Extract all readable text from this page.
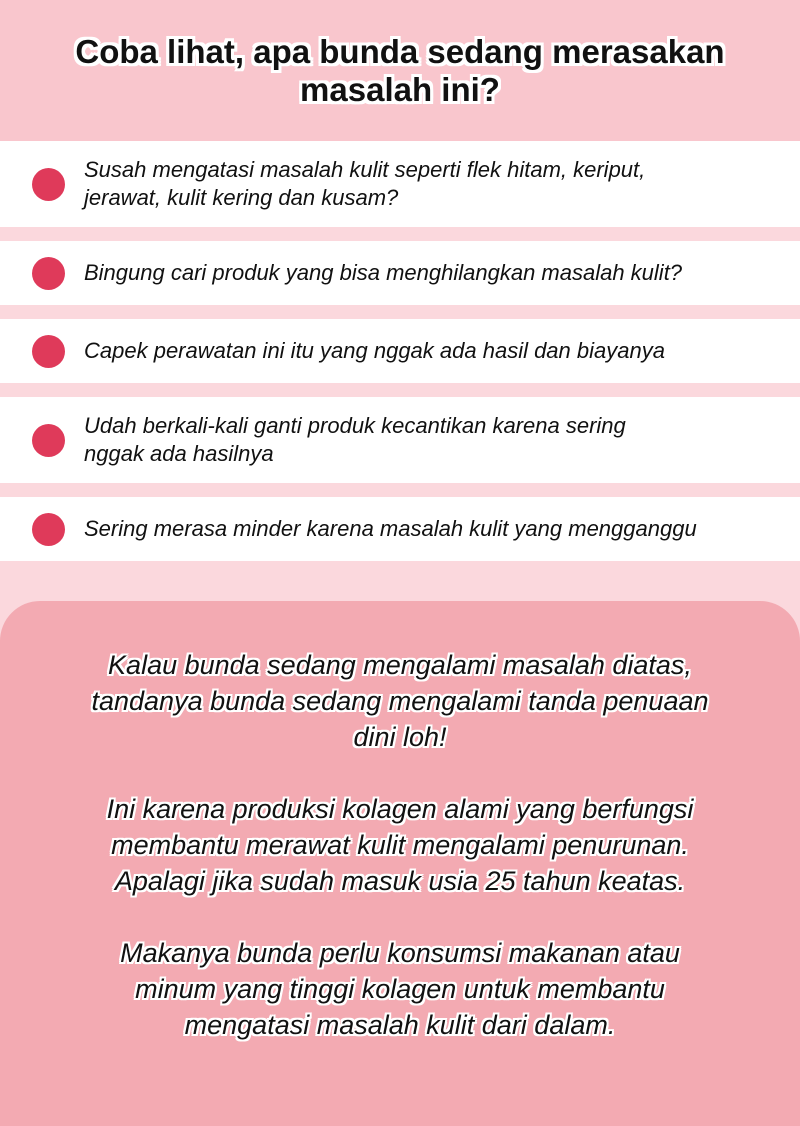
Coba lihat, apa bunda sedang merasakan masalah ini?
Susah mengatasi masalah kulit seperti flek hitam, keriput,
jerawat, kulit kering dan kusam?
Bingung cari produk yang bisa menghilangkan masalah kulit?
Capek perawatan ini itu yang nggak ada hasil dan biayanya
Udah berkali-kali ganti produk kecantikan karena sering
nggak ada hasilnya
Sering merasa minder karena masalah kulit yang mengganggu

Kalau bunda sedang mengalami masalah diatas,
tandanya bunda sedang mengalami tanda penuaan
dini loh!

Ini karena produksi kolagen alami yang berfungsi
membantu merawat kulit mengalami penurunan.
Apalagi jika sudah masuk usia 25 tahun keatas.

Makanya bunda perlu konsumsi makanan atau
minum yang tinggi kolagen untuk membantu
mengatasi masalah kulit dari dalam.
